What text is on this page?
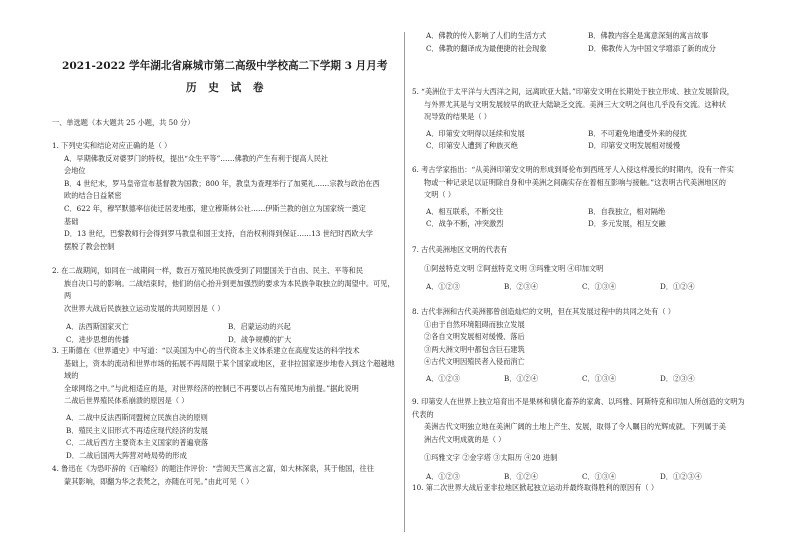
2021-2022 学年湖北省麻城市第二高级中学校高二下学期 3 月月考
历 史 试 卷

一、单选题（本大题共 25 小题，共 50 分）

1. 下列史实和结论对应正确的是（ ）

A．早期佛教反对婆罗门的特权，提出“众生平等”……佛教的产生有利于提高人民社

会地位

B．4 世纪末，罗马皇帝宣布基督教为国教；800 年，教皇为查理举行了加冕礼……宗教与政治在西

欧的结合日益紧密

C．622 年，穆罕默德率信徒迁居麦地那，建立穆斯林公社……伊斯兰教的创立为国家统一奠定

基础

D．13 世纪，巴黎教师行会得到罗马教皇和国王支持，自治权利得到保证……13 世纪时西欧大学

摆脱了教会控制

2. 在二战期间，如同在一战期间一样，数百万殖民地民族受到了同盟国关于自由、民主、平等和民

族自决口号的影响。二战结束时，他们的信心抬升到更加强烈的要求为本民族争取独立的渴望中。可见，两

次世界大战后民族独立运动发展的共同原因是（ ）

A．法西斯国家灭亡	B．启蒙运动的兴起
C．进步思想的传播	D．战争规模的扩大

3. 王斯德在《世界通史》中写道：“以美国为中心的当代资本主义体系建立在高度发达的科学技术

基础上，资本的流动和世界市场的拓展不再局限于某个国家或地区，亚非拉国家逐步地卷入到这个超越地域的

全球网络之中。”与此相适应的是，对世界经济的控制已不再要以占有殖民地为前提。”据此说明

二战后世界殖民体系崩溃的原因是（ ）

A．二战中反法西斯同盟树立民族自决的原则

B．殖民主义旧形式不再适应现代经济的发展

C．二战后西方主要资本主义国家的普遍衰落

D．二战后国两大阵营对峙局势的形成

4. 鲁迅在《为恐吓辞的《百喻经》的题注作评价：“尝阅天竺寓言之富，如大林深泉，其于他国，往往

蒙其影响，即翻为华之表梵之，亦随在可见。”由此可见（ ）

A．佛教的传入影响了人们的生活方式	B．佛教内容全是寓意深刻的寓言故事
C．佛教的翻译成为最便捷的社会现象	D．佛教传入为中国文学增添了新的成分

5. “美洲位于太平洋与大西洋之间，远离欧亚大陆。”印第安文明在长期处于独立形成、独立发展阶段，

与外界尤其是与文明发展较早的欧亚大陆缺乏交流。美洲三大文明之间也几乎没有交流。这种状

况导致的结果是（ ）

A．印第安文明得以延续和发展	B．不可避免地遭受外来的侵扰
C．印第安人遭到了种族灭绝	D．印第安文明发展相对缓慢

6. 考古学家指出：“从美洲印第安文明的形成到哥伦布到西班牙人入侵这样漫长的时期内，没有一件实

物或一种记录足以证明除自身和中美洲之间确实存在着相互影响与接触。”这表明古代美洲地区的

文明（ ）

A．相互联系，不断交往	B．自我独立，相对隔绝
C．战争不断，冲突激烈	D．多元发展，相互交融

7. 古代美洲地区文明的代表有

①阿兹特克文明 ②阿兹特克文明 ③玛雅文明 ④印加文明

A．①②③	B．②③④	C．①③④	D．①②④

8. 古代非洲和古代美洲都曾创造灿烂的文明，但在其发展过程中的共同之处有（ ）

①由于自然环境阻碍而独立发展

②各自文明发展相对缓慢、落后

③两大洲文明中都包含巨石建筑

④古代文明因殖民者入侵而消亡

A．①②③	B．①②④	C．①③④	D．②③④

9. 印第安人在世界上独立培育出不是果林和驯化畜养的家禽、以玛雅、阿斯特克和印加人所创造的文明为代表的

美洲古代文明独立地在美洲广阔的土地上产生、发展，取得了令人瞩目的光辉成就。下列属于美

洲古代文明成就的是（ ）

①玛雅文字 ②金字塔 ③太阳历 ④20 进制

A．①②③	B．①②④	C．①③④	D．①②③④

10. 第二次世界大战后亚非拉地区掀起独立运动并最终取得胜利的原因有（ ）
